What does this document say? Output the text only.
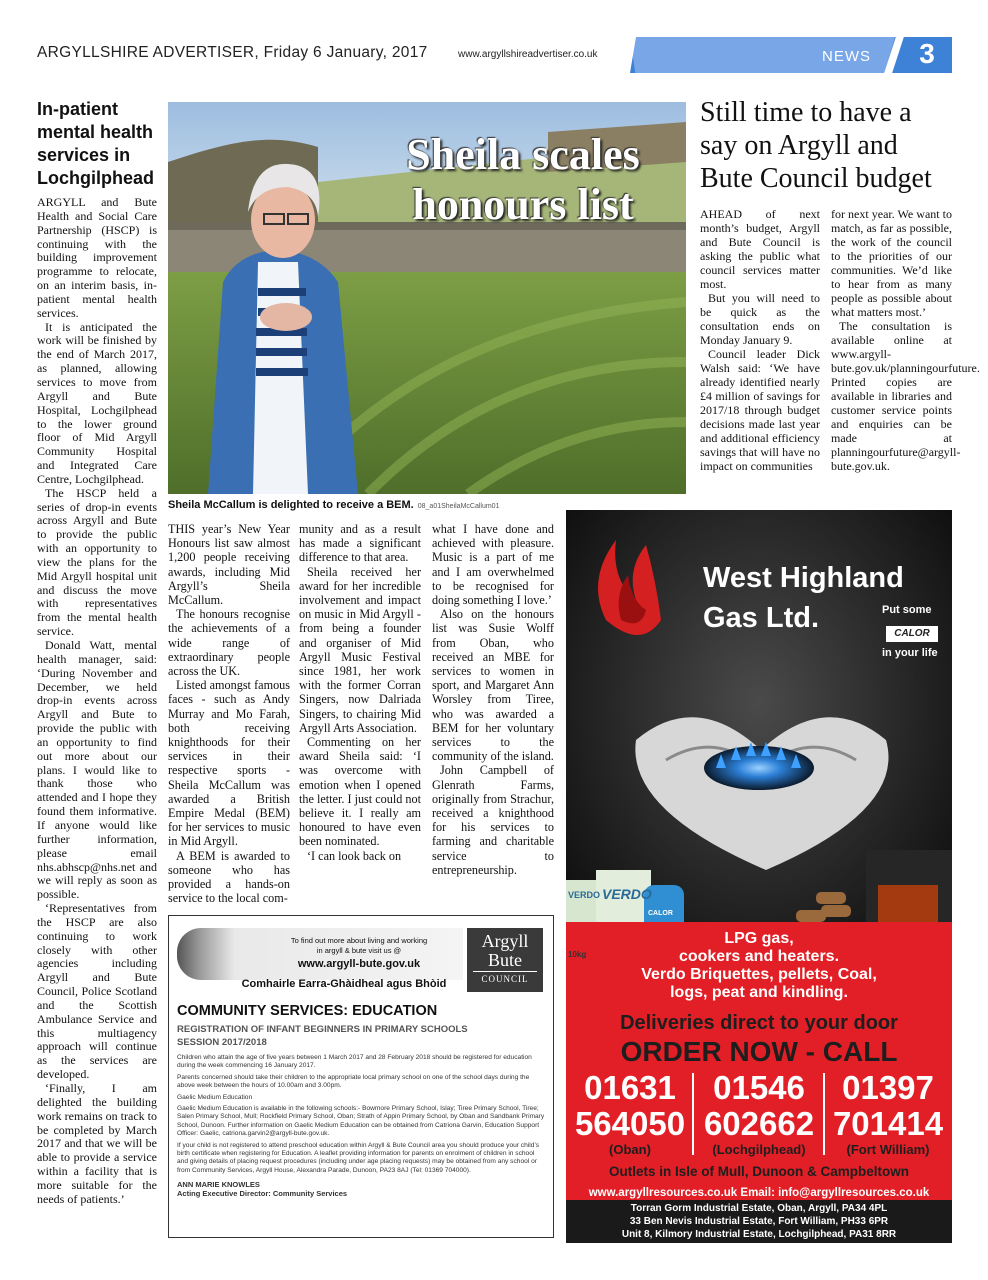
ARGYLLSHIRE ADVERTISER, Friday 6 January, 2017	www.argyllshireadvertiser.co.uk	NEWS	3
In-patient mental health services in Lochgilphead

ARGYLL and Bute Health and Social Care Partnership (HSCP) is continuing with the building improvement programme to relocate, on an interim basis, in-patient mental health services.

It is anticipated the work will be finished by the end of March 2017, as planned, allowing services to move from Argyll and Bute Hospital, Lochgilphead to the lower ground floor of Mid Argyll Community Hospital and Integrated Care Centre, Lochgilphead.

The HSCP held a series of drop-in events across Argyll and Bute to provide the public with an opportunity to view the plans for the Mid Argyll hospital unit and discuss the move with representatives from the mental health service.

Donald Watt, mental health manager, said: ‘During November and December, we held drop-in events across Argyll and Bute to provide the public with an opportunity to find out more about our plans. I would like to thank those who attended and I hope they found them informative. If anyone would like further information, please email nhs.abhscp@nhs.net and we will reply as soon as possible.

‘Representatives from the HSCP are also continuing to work closely with other agencies including Argyll and Bute Council, Police Scotland and the Scottish Ambulance Service and this multiagency approach will continue as the services are developed.

‘Finally, I am delighted the building work remains on track to be completed by March 2017 and that we will be able to provide a service within a facility that is more suitable for the needs of patients.’

Sheila scales honours list
Sheila McCallum is delighted to receive a BEM. 08_a01SheilaMcCallum01

THIS year’s New Year Honours list saw almost 1,200 people receiving awards, including Mid Argyll’s Sheila McCallum.

The honours recognise the achievements of a wide range of extraordinary people across the UK.

Listed amongst famous faces - such as Andy Murray and Mo Farah, both receiving knighthoods for their services in their respective sports - Sheila McCallum was awarded a British Empire Medal (BEM) for her services to music in Mid Argyll.

A BEM is awarded to someone who has provided a hands-on service to the local com-

munity and as a result has made a significant difference to that area.

Sheila received her award for her incredible involvement and impact on music in Mid Argyll - from being a founder and organiser of Mid Argyll Music Festival since 1981, her work with the former Corran Singers, now Dalriada Singers, to chairing Mid Argyll Arts Association.

Commenting on her award Sheila said: ‘I was overcome with emotion when I opened the letter. I just could not believe it. I really am honoured to have even been nominated.

‘I can look back on

what I have done and achieved with pleasure. Music is a part of me and I am overwhelmed to be recognised for doing something I love.’

Also on the honours list was Susie Wolff from Oban, who received an MBE for services to women in sport, and Margaret Ann Worsley from Tiree, who was awarded a BEM for her voluntary services to the community of the island.

John Campbell of Glenrath Farms, originally from Strachur, received a knighthood for his services to farming and charitable service to entrepreneurship.

Still time to have a say on Argyll and Bute Council budget

AHEAD of next month’s budget, Argyll and Bute Council is asking the public what council services matter most.

But you will need to be quick as the consultation ends on Monday January 9.

Council leader Dick Walsh said: ‘We have already identified nearly £4 million of savings for 2017/18 through budget decisions made last year and additional efficiency savings that will have no impact on communities

for next year. We want to match, as far as possible, the work of the council to the priorities of our communities. We’d like to hear from as many people as possible about what matters most.’

The consultation is available online at www.argyll-bute.gov.uk/planningourfuture. Printed copies are available in libraries and customer service points and enquiries can be made at planningourfuture@argyll-bute.gov.uk.

To find out more about living and working
in argyll & bute visit us @
www.argyll-bute.gov.uk
Comhairle Earra-Ghàidheal agus Bhòid
Argyll
Bute
COUNCIL
COMMUNITY SERVICES: EDUCATION
REGISTRATION OF INFANT BEGINNERS IN PRIMARY SCHOOLS
SESSION 2017/2018
Children who attain the age of five years between 1 March 2017 and 28 February 2018 should be registered for education during the week commencing 16 January 2017.
Parents concerned should take their children to the appropriate local primary school on one of the school days during the above week between the hours of 10.00am and 3.00pm.
Gaelic Medium Education
Gaelic Medium Education is available in the following schools:- Bowmore Primary School, Islay; Tiree Primary School, Tiree; Salen Primary School, Mull; Rockfield Primary School, Oban; Strath of Appin Primary School, by Oban and Sandbank Primary School, Dunoon. Further information on Gaelic Medium Education can be obtained from Catriona Garvin, Education Support Officer: Gaelic, catriona.garvin2@argyll-bute.gov.uk.
If your child is not registered to attend preschool education within Argyll & Bute Council area you should produce your child’s birth certificate when registering for Education. A leaflet providing information for parents on enrolment of children in school and giving details of placing request procedures (including under age placing requests) may be obtained from any school or from Community Services, Argyll House, Alexandra Parade, Dunoon, PA23 8AJ (Tel: 01369 704000).
ANN MARIE KNOWLES
Acting Executive Director: Community Services
West Highland
Gas Ltd.	Put some
CALOR
in your life
VERDO VERDO
CALOR
10kg
LPG gas,
cookers and heaters.
Verdo Briquettes, pellets, Coal,
logs, peat and kindling.
Deliveries direct to your door
ORDER NOW - CALL
01631
564050
(Oban)
01546
602662
(Lochgilphead)
01397
701414
(Fort William)
Outlets in Isle of Mull, Dunoon & Campbeltown
www.argyllresources.co.uk Email: info@argyllresources.co.uk
Torran Gorm Industrial Estate, Oban, Argyll, PA34 4PL
33 Ben Nevis Industrial Estate, Fort William, PH33 6PR
Unit 8, Kilmory Industrial Estate, Lochgilphead, PA31 8RR
